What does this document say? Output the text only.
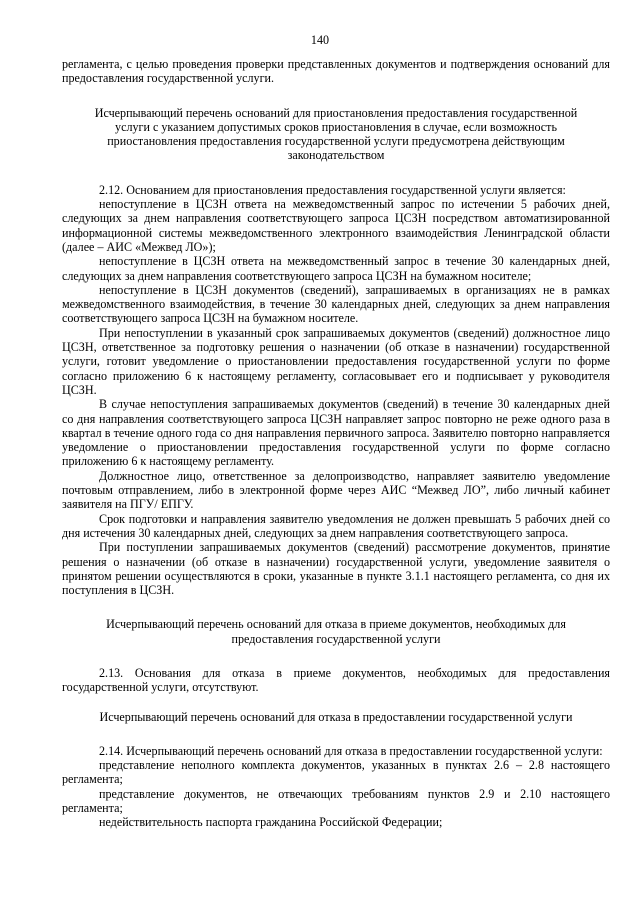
140

регламента, с целью проведения проверки представленных документов и подтверждения оснований для предоставления государственной услуги.

Исчерпывающий перечень оснований для приостановления предоставления государственной услуги с указанием допустимых сроков приостановления в случае, если возможность приостановления предоставления государственной услуги предусмотрена действующим законодательством

2.12. Основанием для приостановления предоставления государственной услуги является:

непоступление в ЦСЗН ответа на межведомственный запрос по истечении 5 рабочих дней, следующих за днем направления соответствующего запроса ЦСЗН посредством автоматизированной информационной системы межведомственного электронного взаимодействия Ленинградской области (далее – АИС «Межвед ЛО»);

непоступление в ЦСЗН ответа на межведомственный запрос в течение 30 календарных дней, следующих за днем направления соответствующего запроса ЦСЗН на бумажном носителе;

непоступление в ЦСЗН документов (сведений), запрашиваемых в организациях не в рамках межведомственного взаимодействия, в течение 30 календарных дней, следующих за днем направления соответствующего запроса ЦСЗН на бумажном носителе.

При непоступлении в указанный срок запрашиваемых документов (сведений) должностное лицо ЦСЗН, ответственное за подготовку решения о назначении (об отказе в назначении) государственной услуги, готовит уведомление о приостановлении предоставления государственной услуги по форме согласно приложению 6 к настоящему регламенту, согласовывает его и подписывает у руководителя ЦСЗН.

В случае непоступления запрашиваемых документов (сведений) в течение 30 календарных дней со дня направления соответствующего запроса ЦСЗН направляет запрос повторно не реже одного раза в квартал в течение одного года со дня направления первичного запроса. Заявителю повторно направляется уведомление о приостановлении предоставления государственной услуги по форме согласно приложению 6 к настоящему регламенту.

Должностное лицо, ответственное за делопроизводство, направляет заявителю уведомление почтовым отправлением, либо в электронной форме через АИС “Межвед ЛО”, либо личный кабинет заявителя на ПГУ/ ЕПГУ.

Срок подготовки и направления заявителю уведомления не должен превышать 5 рабочих дней со дня истечения 30 календарных дней, следующих за днем направления соответствующего запроса.

При поступлении запрашиваемых документов (сведений) рассмотрение документов, принятие решения о назначении (об отказе в назначении) государственной услуги, уведомление заявителя о принятом решении осуществляются в сроки, указанные в пункте 3.1.1 настоящего регламента, со дня их поступления в ЦСЗН.

Исчерпывающий перечень оснований для отказа в приеме документов, необходимых для предоставления государственной услуги

2.13. Основания для отказа в приеме документов, необходимых для предоставления государственной услуги, отсутствуют.

Исчерпывающий перечень оснований для отказа в предоставлении государственной услуги

2.14. Исчерпывающий перечень оснований для отказа в предоставлении государственной услуги:

представление неполного комплекта документов, указанных в пунктах 2.6 – 2.8 настоящего регламента;

представление документов, не отвечающих требованиям пунктов 2.9 и 2.10 настоящего регламента;

недействительность паспорта гражданина Российской Федерации;
